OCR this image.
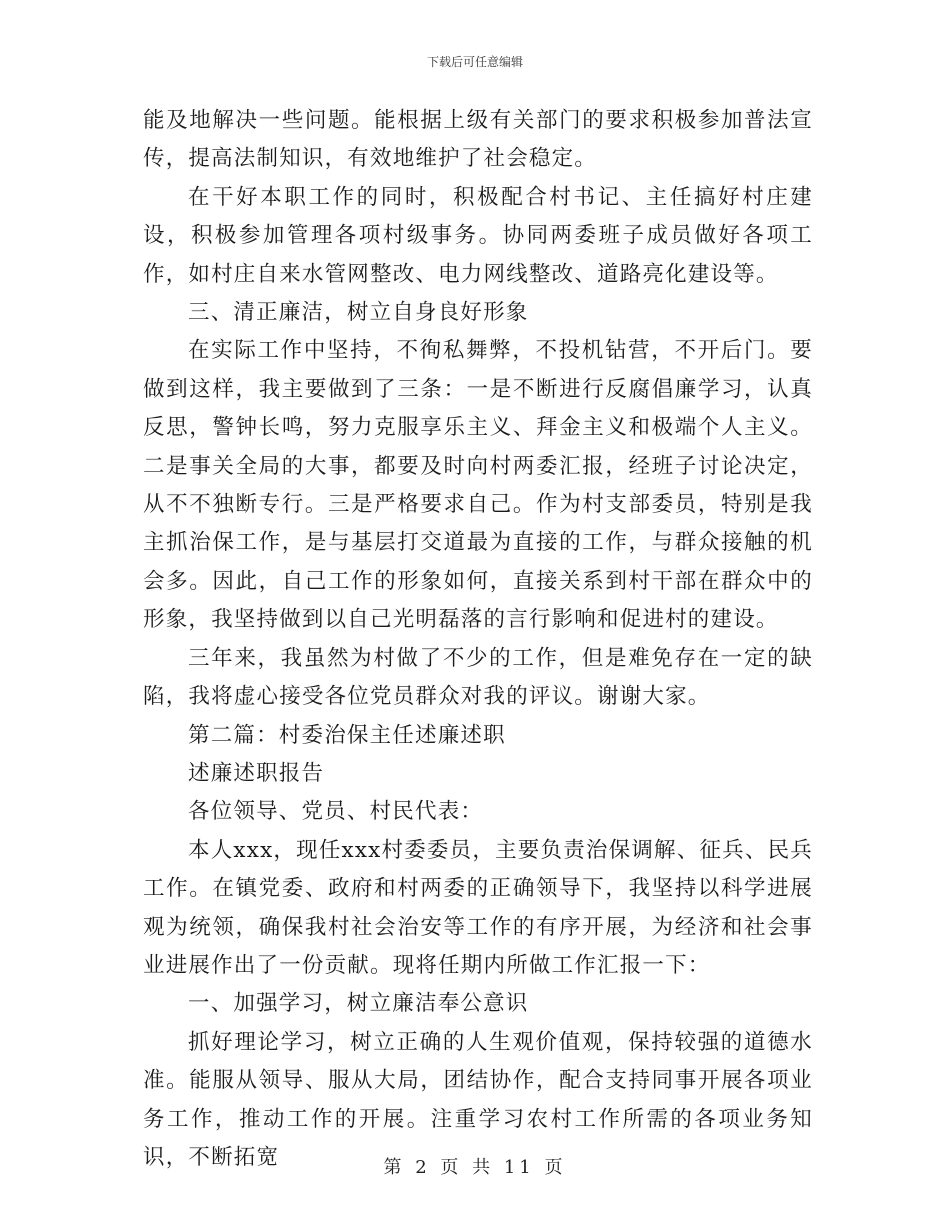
下载后可任意编辑

能及地解决一些问题。能根据上级有关部门的要求积极参加普法宣传，提高法制知识，有效地维护了社会稳定。

在干好本职工作的同时，积极配合村书记、主任搞好村庄建设，积极参加管理各项村级事务。协同两委班子成员做好各项工作，如村庄自来水管网整改、电力网线整改、道路亮化建设等。

三、清正廉洁，树立自身良好形象

在实际工作中坚持，不徇私舞弊，不投机钻营，不开后门。要做到这样，我主要做到了三条：一是不断进行反腐倡廉学习，认真反思，警钟长鸣，努力克服享乐主义、拜金主义和极端个人主义。二是事关全局的大事，都要及时向村两委汇报，经班子讨论决定，从不不独断专行。三是严格要求自己。作为村支部委员，特别是我主抓治保工作，是与基层打交道最为直接的工作，与群众接触的机会多。因此，自己工作的形象如何，直接关系到村干部在群众中的形象，我坚持做到以自己光明磊落的言行影响和促进村的建设。

三年来，我虽然为村做了不少的工作，但是难免存在一定的缺陷，我将虚心接受各位党员群众对我的评议。谢谢大家。

第二篇：村委治保主任述廉述职

述廉述职报告

各位领导、党员、村民代表：

本人xxx，现任xxx村委委员，主要负责治保调解、征兵、民兵工作。在镇党委、政府和村两委的正确领导下，我坚持以科学进展观为统领，确保我村社会治安等工作的有序开展，为经济和社会事业进展作出了一份贡献。现将任期内所做工作汇报一下：

一、加强学习，树立廉洁奉公意识

抓好理论学习，树立正确的人生观价值观，保持较强的道德水准。能服从领导、服从大局，团结协作，配合支持同事开展各项业务工作，推动工作的开展。注重学习农村工作所需的各项业务知识，不断拓宽	第 2 页 共 11 页
